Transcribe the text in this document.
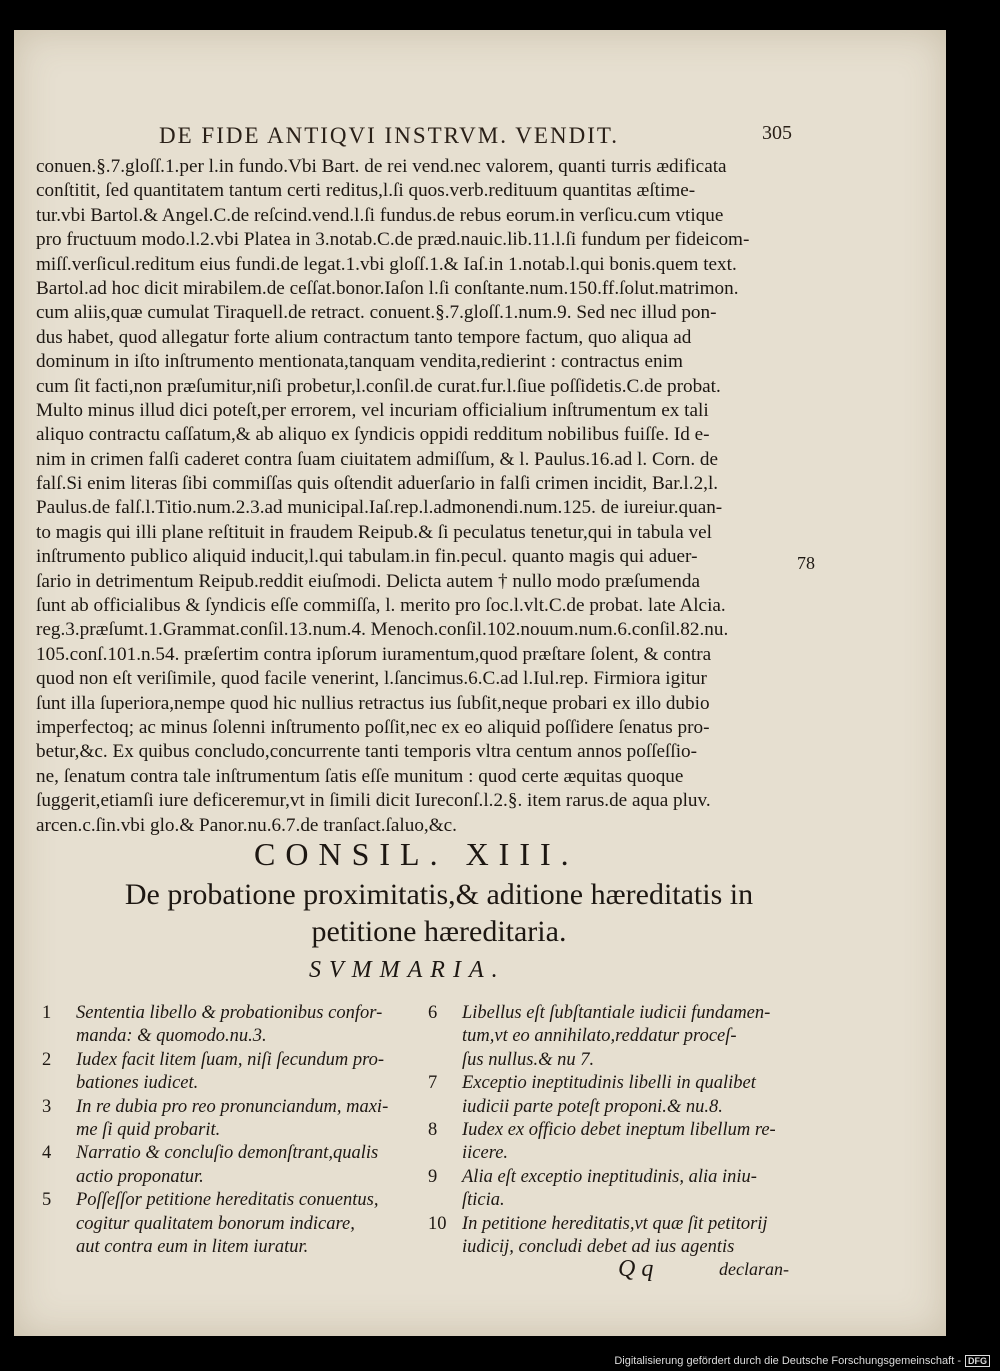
DE FIDE ANTIQVI INSTRVM. VENDIT.	305
conuen.§.7.gloſſ.1.per l.in fundo.Vbi Bart. de rei vend.nec valorem, quanti turris ædificata
conſtitit, ſed quantitatem tantum certi reditus,l.ſi quos.verb.redituum quantitas æſtime-
tur.vbi Bartol.& Angel.C.de reſcind.vend.l.ſi fundus.de rebus eorum.in verſicu.cum vtique
pro fructuum modo.l.2.vbi Platea in 3.notab.C.de præd.nauic.lib.11.l.ſi fundum per fideicom-
miſſ.verſicul.reditum eius fundi.de legat.1.vbi gloſſ.1.& Iaſ.in 1.notab.l.qui bonis.quem text.
Bartol.ad hoc dicit mirabilem.de ceſſat.bonor.Iaſon l.ſi conſtante.num.150.ff.ſolut.matrimon.
cum aliis,quæ cumulat Tiraquell.de retract. conuent.§.7.gloſſ.1.num.9. Sed nec illud pon-
dus habet, quod allegatur forte alium contractum tanto tempore factum, quo aliqua ad
dominum in iſto inſtrumento mentionata,tanquam vendita,redierint : contractus enim
cum ſit facti,non præſumitur,niſi probetur,l.conſil.de curat.fur.l.ſiue poſſidetis.C.de probat.
Multo minus illud dici poteſt,per errorem, vel incuriam officialium inſtrumentum ex tali
aliquo contractu caſſatum,& ab aliquo ex ſyndicis oppidi redditum nobilibus fuiſſe. Id e-
nim in crimen falſi caderet contra ſuam ciuitatem admiſſum, & l. Paulus.16.ad l. Corn. de
falſ.Si enim literas ſibi commiſſas quis oſtendit aduerſario in falſi crimen incidit, Bar.l.2,l.
Paulus.de falſ.l.Titio.num.2.3.ad municipal.Iaſ.rep.l.admonendi.num.125. de iureiur.quan-
to magis qui illi plane reſtituit in fraudem Reipub.& ſi peculatus tenetur,qui in tabula vel
inſtrumento publico aliquid inducit,l.qui tabulam.in fin.pecul. quanto magis qui aduer-
ſario in detrimentum Reipub.reddit eiuſmodi. Delicta autem † nullo modo præſumenda
ſunt ab officialibus & ſyndicis eſſe commiſſa, l. merito pro ſoc.l.vlt.C.de probat. late Alcia.
reg.3.præſumt.1.Grammat.conſil.13.num.4. Menoch.conſil.102.nouum.num.6.conſil.82.nu.
105.conſ.101.n.54. præſertim contra ipſorum iuramentum,quod præſtare ſolent, & contra
quod non eſt veriſimile, quod facile venerint, l.ſancimus.6.C.ad l.Iul.rep. Firmiora igitur
ſunt illa ſuperiora,nempe quod hic nullius retractus ius ſubſit,neque probari ex illo dubio
imperfectoq; ac minus ſolenni inſtrumento poſſit,nec ex eo aliquid poſſidere ſenatus pro-
betur,&c. Ex quibus concludo,concurrente tanti temporis vltra centum annos poſſeſſio-
ne, ſenatum contra tale inſtrumentum ſatis eſſe munitum : quod certe æquitas quoque
ſuggerit,etiamſi iure deficeremur,vt in ſimili dicit Iureconſ.l.2.§. item rarus.de aqua pluv.
arcen.c.ſin.vbi glo.& Panor.nu.6.7.de tranſact.ſaluo,&c.
78
CONSIL. XIII.
De probatione proximitatis,& aditione hæreditatis in petitione hæreditaria.
SVMMARIA.
1 Sententia libello & probationibus confor-
manda: & quomodo.nu.3.
2 Iudex facit litem ſuam, niſi ſecundum pro-
bationes iudicet.
3 In re dubia pro reo pronunciandum, maxi-
me ſi quid probarit.
4 Narratio & concluſio demonſtrant,qualis
actio proponatur.
5 Poſſeſſor petitione hereditatis conuentus,
cogitur qualitatem bonorum indicare,
aut contra eum in litem iuratur.
6 Libellus eſt ſubſtantiale iudicii fundamen-
tum,vt eo annihilato,reddatur proceſ-
ſus nullus.& nu 7.
7 Exceptio ineptitudinis libelli in qualibet
iudicii parte poteſt proponi.& nu.8.
8 Iudex ex officio debet ineptum libellum re-
iicere.
9 Alia eſt exceptio ineptitudinis, alia iniu-
ſticia.
10 In petitione hereditatis,vt quæ ſit petitorij
iudicij, concludi debet ad ius agentis
Q q	declaran-
Digitalisierung gefördert durch die Deutsche Forschungsgemeinschaft - DFG
